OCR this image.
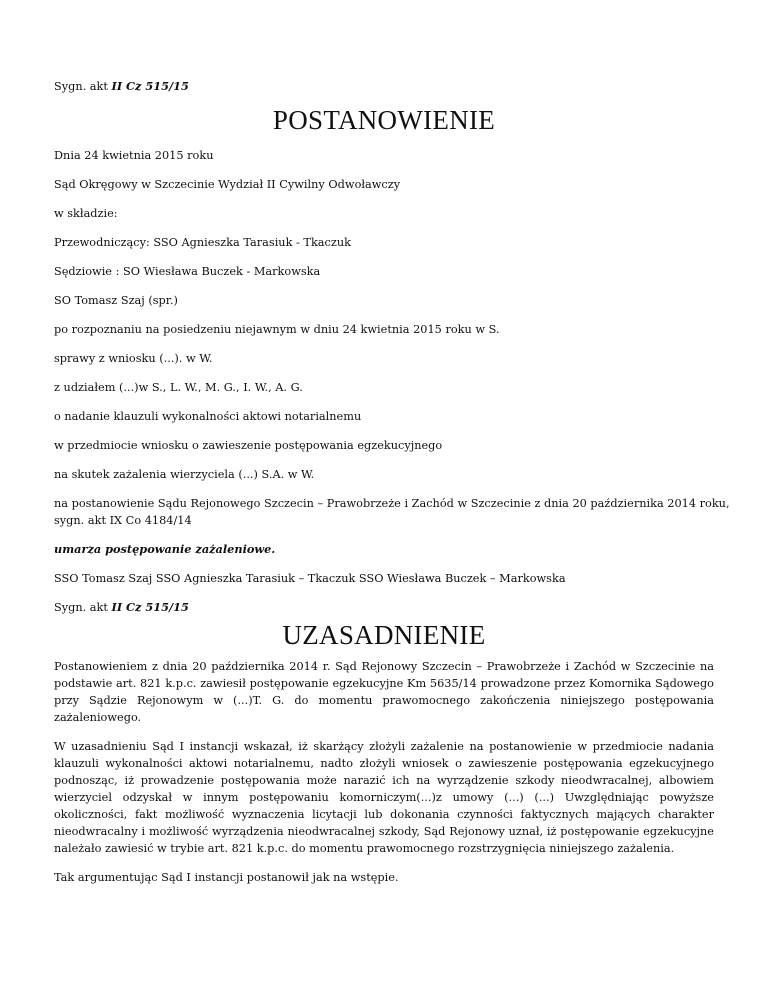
Sygn. akt II Cz 515/15
POSTANOWIENIE
Dnia 24 kwietnia 2015 roku
Sąd Okręgowy w Szczecinie Wydział II Cywilny Odwoławczy
w składzie:
Przewodniczący: SSO Agnieszka Tarasiuk - Tkaczuk
Sędziowie : SO Wiesława Buczek - Markowska
SO Tomasz Szaj (spr.)
po rozpoznaniu na posiedzeniu niejawnym w dniu 24 kwietnia 2015 roku w S.
sprawy z wniosku (...). w W.
z udziałem (...)w S., L. W., M. G., I. W., A. G.
o nadanie klauzuli wykonalności aktowi notarialnemu
w przedmiocie wniosku o zawieszenie postępowania egzekucyjnego
na skutek zażalenia wierzyciela (...) S.A. w W.
na postanowienie Sądu Rejonowego Szczecin – Prawobrzeże i Zachód w Szczecinie z dnia 20 października 2014 roku,
sygn. akt IX Co 4184/14
umarza postępowanie zażaleniowe.
SSO Tomasz Szaj SSO Agnieszka Tarasiuk – Tkaczuk SSO Wiesława Buczek – Markowska
Sygn. akt II Cz 515/15
UZASADNIENIE

Postanowieniem z dnia 20 października 2014 r. Sąd Rejonowy Szczecin – Prawobrzeże i Zachód w Szczecinie na podstawie art. 821 k.p.c. zawiesił postępowanie egzekucyjne Km 5635/14 prowadzone przez Komornika Sądowego przy Sądzie Rejonowym w (...)T. G. do momentu prawomocnego zakończenia niniejszego postępowania zażaleniowego.

W uzasadnieniu Sąd I instancji wskazał, iż skarżący złożyli zażalenie na postanowienie w przedmiocie nadania klauzuli wykonalności aktowi notarialnemu, nadto złożyli wniosek o zawieszenie postępowania egzekucyjnego podnosząc, iż prowadzenie postępowania może narazić ich na wyrządzenie szkody nieodwracalnej, albowiem wierzyciel odzyskał w innym postępowaniu komorniczym(...)z umowy (...) (...) Uwzględniając powyższe okoliczności, fakt możliwość wyznaczenia licytacji lub dokonania czynności faktycznych mających charakter nieodwracalny i możliwość wyrządzenia nieodwracalnej szkody, Sąd Rejonowy uznał, iż postępowanie egzekucyjne należało zawiesić w trybie art. 821 k.p.c. do momentu prawomocnego rozstrzygnięcia niniejszego zażalenia.

Tak argumentując Sąd I instancji postanowił jak na wstępie.
